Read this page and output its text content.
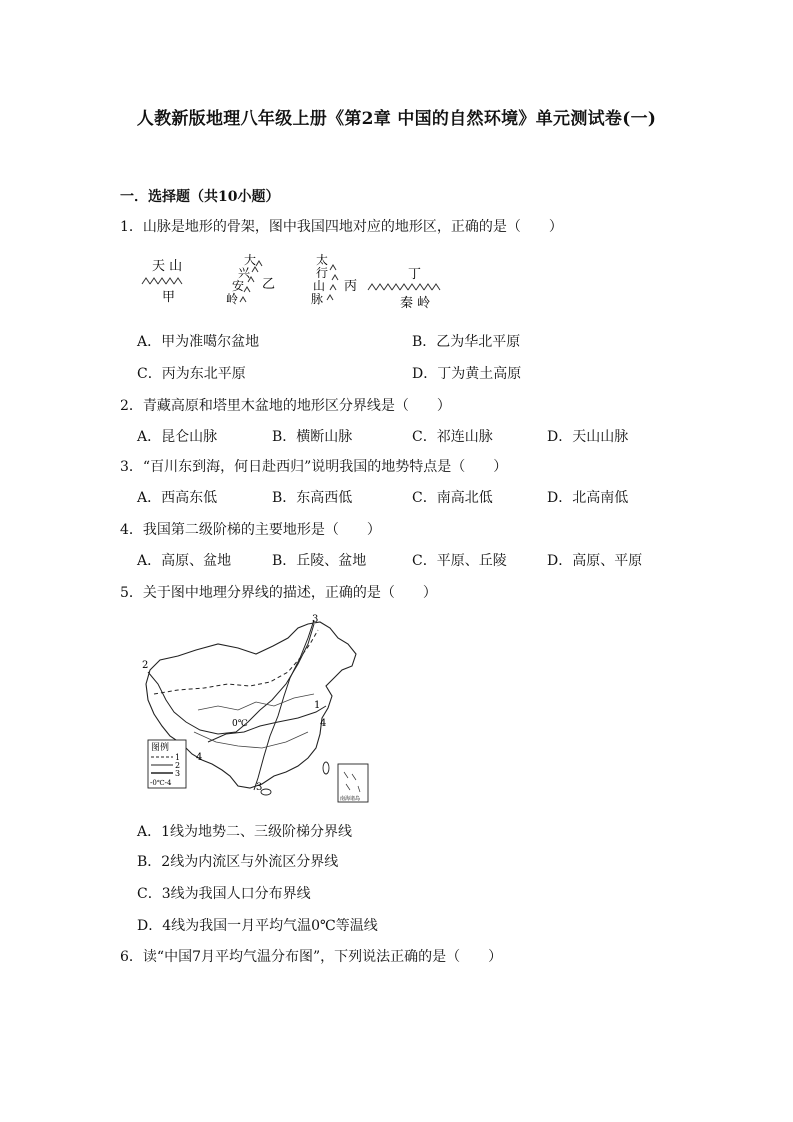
人教新版地理八年级上册《第2章 中国的自然环境》单元测试卷(一)
一．选择题（共10小题）
1．山脉是地形的骨架，图中我国四地对应的地形区，正确的是（　　）
天 山
甲
大
兴
安
岭
乙
太
行
山
脉
丙
丁
秦 岭
A．甲为准噶尔盆地	B．乙为华北平原
C．丙为东北平原	D．丁为黄土高原
2．青藏高原和塔里木盆地的地形区分界线是（　　）
A．昆仑山脉	B．横断山脉	C．祁连山脉	D．天山山脉
3．“百川东到海，何日赴西归”说明我国的地势特点是（　　）
A．西高东低	B．东高西低	C．南高北低	D．北高南低
4．我国第二级阶梯的主要地形是（　　）
A．高原、盆地	B．丘陵、盆地	C．平原、丘陵	D．高原、平原
5．关于图中地理分界线的描述，正确的是（　　）
2
3
1
4
4
3
0℃
图例
1
2
3
-0℃-4
南海诸岛
A．1线为地势二、三级阶梯分界线
B．2线为内流区与外流区分界线
C．3线为我国人口分布界线
D．4线为我国一月平均气温0℃等温线
6．读“中国7月平均气温分布图”，下列说法正确的是（　　）
